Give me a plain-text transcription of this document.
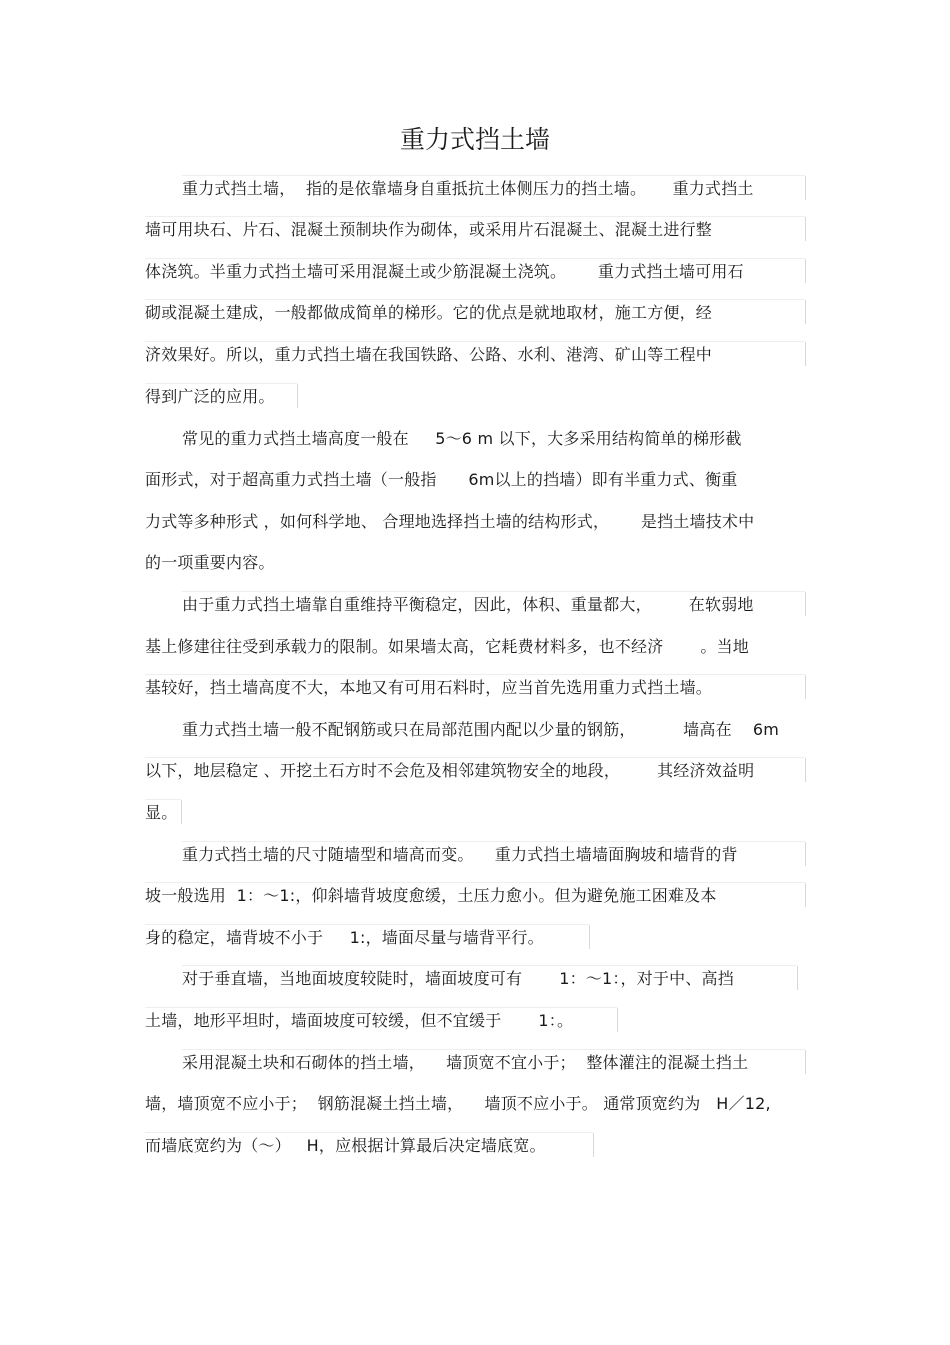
重力式挡土墙
重力式挡土墙，  指的是依靠墙身自重抵抗土体侧压力的挡土墙。     重力式挡土
墙可用块石、片石、混凝土预制块作为砌体，或采用片石混凝土、混凝土进行整
体浇筑。半重力式挡土墙可采用混凝土或少筋混凝土浇筑。      重力式挡土墙可用石
砌或混凝土建成，一般都做成简单的梯形。它的优点是就地取材，施工方便，经
济效果好。所以，重力式挡土墙在我国铁路、公路、水利、港湾、矿山等工程中
得到广泛的应用。
常见的重力式挡土墙高度一般在     5～6 m 以下，大多采用结构简单的梯形截
面形式，对于超高重力式挡土墙（一般指      6m以上的挡墙）即有半重力式、衡重
力式等多种形式 ，如何科学地、 合理地选择挡土墙的结构形式，      是挡土墙技术中
的一项重要内容。
由于重力式挡土墙靠自重维持平衡稳定，因此，体积、重量都大，       在软弱地
基上修建往往受到承载力的限制。如果墙太高，它耗费材料多，也不经济       。当地
基较好，挡土墙高度不大，本地又有可用石料时，应当首先选用重力式挡土墙。
重力式挡土墙一般不配钢筋或只在局部范围内配以少量的钢筋，         墙高在    6m
以下，地层稳定 、开挖土石方时不会危及相邻建筑物安全的地段，       其经济效益明
显。
重力式挡土墙的尺寸随墙型和墙高而变。    重力式挡土墙墙面胸坡和墙背的背
坡一般选用  1：～1:，仰斜墙背坡度愈缓，土压力愈小。但为避免施工困难及本
身的稳定，墙背坡不小于     1:，墙面尽量与墙背平行。
对于垂直墙，当地面坡度较陡时，墙面坡度可有       1：～1：，对于中、高挡
土墙，地形平坦时，墙面坡度可较缓，但不宜缓于       1：。
采用混凝土块和石砌体的挡土墙，    墙顶宽不宜小于；  整体灌注的混凝土挡土
墙，墙顶宽不应小于；  钢筋混凝土挡土墙，    墙顶不应小于。 通常顶宽约为   H／12,
而墙底宽约为（～）   H，应根据计算最后决定墙底宽。
